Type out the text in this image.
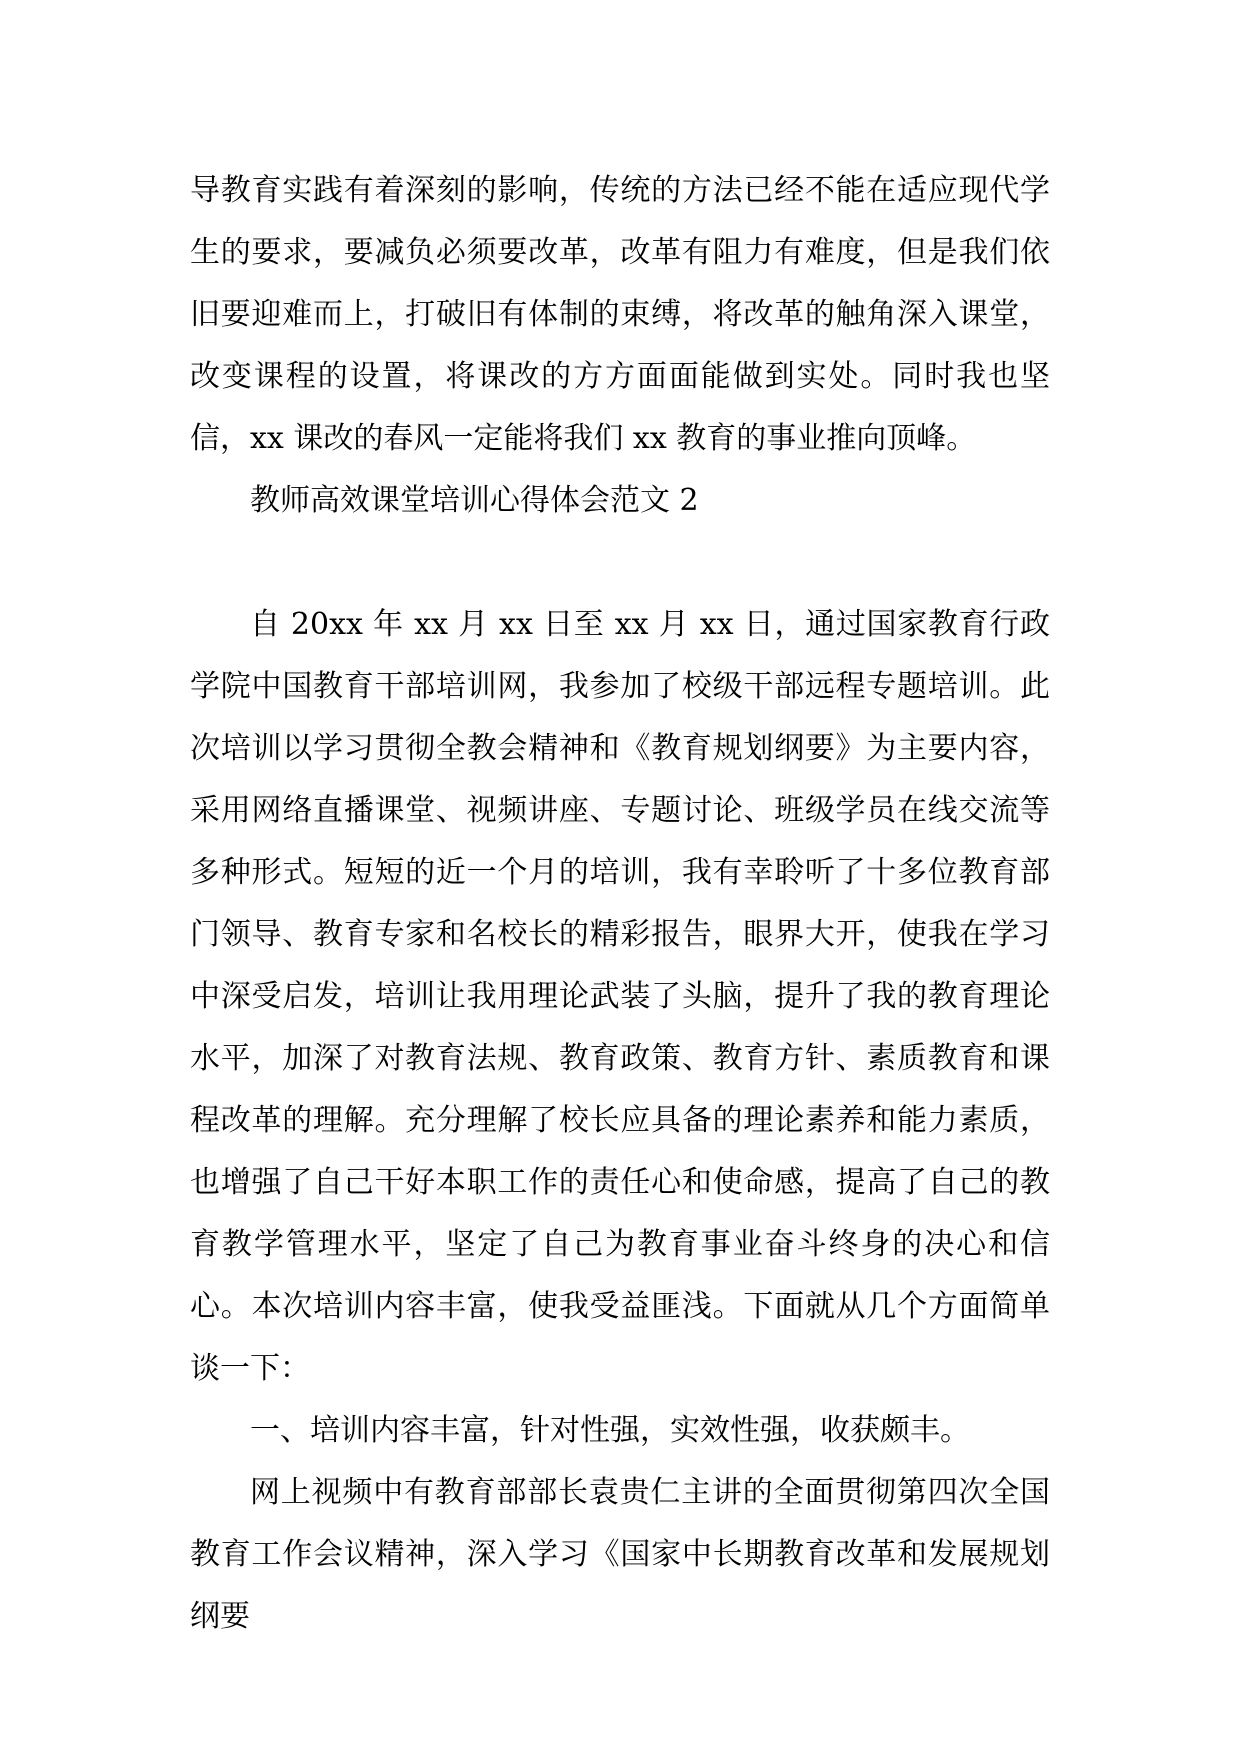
导教育实践有着深刻的影响，传统的方法已经不能在适应现代学生的要求，要减负必须要改革，改革有阻力有难度，但是我们依旧要迎难而上，打破旧有体制的束缚，将改革的触角深入课堂，改变课程的设置，将课改的方方面面能做到实处。同时我也坚信，xx 课改的春风一定能将我们 xx 教育的事业推向顶峰。

教师高效课堂培训心得体会范文 2

自 20xx 年 xx 月 xx 日至 xx 月 xx 日，通过国家教育行政学院中国教育干部培训网，我参加了校级干部远程专题培训。此次培训以学习贯彻全教会精神和《教育规划纲要》为主要内容，采用网络直播课堂、视频讲座、专题讨论、班级学员在线交流等多种形式。短短的近一个月的培训，我有幸聆听了十多位教育部门领导、教育专家和名校长的精彩报告，眼界大开，使我在学习中深受启发，培训让我用理论武装了头脑，提升了我的教育理论水平，加深了对教育法规、教育政策、教育方针、素质教育和课程改革的理解。充分理解了校长应具备的理论素养和能力素质，也增强了自己干好本职工作的责任心和使命感，提高了自己的教育教学管理水平，坚定了自己为教育事业奋斗终身的决心和信心。本次培训内容丰富，使我受益匪浅。下面就从几个方面简单谈一下：

一、培训内容丰富，针对性强，实效性强，收获颇丰。

网上视频中有教育部部长袁贵仁主讲的全面贯彻第四次全国教育工作会议精神，深入学习《国家中长期教育改革和发展规划纲要
